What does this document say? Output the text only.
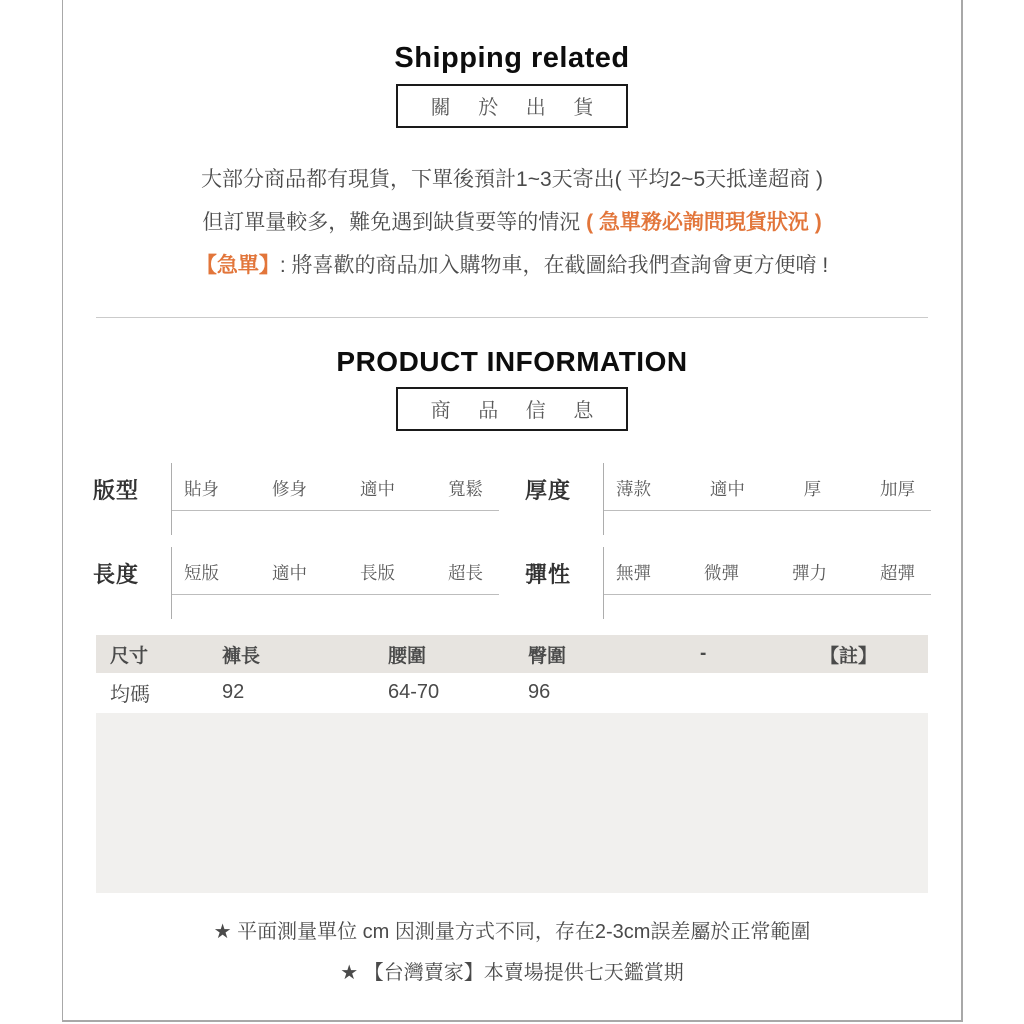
Shipping related
關 於 出 貨
大部分商品都有現貨，下單後預計1~3天寄出( 平均2~5天抵達超商 )
但訂單量較多，難免遇到缺貨要等的情況 ( 急單務必詢問現貨狀況 )
【急單】: 將喜歡的商品加入購物車，在截圖給我們查詢會更方便唷 !
PRODUCT INFORMATION
商 品 信 息
版型	貼身	修身	適中	寬鬆 厚度	薄款	適中	厚	加厚
長度	短版	適中	長版	超長 彈性	無彈	微彈	彈力	超彈
尺寸	褲長	腰圍	臀圍	-	【註】
均碼	92	64-70	96
★ 平面測量單位 cm 因測量方式不同，存在2-3cm誤差屬於正常範圍
★ 【台灣賣家】本賣場提供七天鑑賞期
